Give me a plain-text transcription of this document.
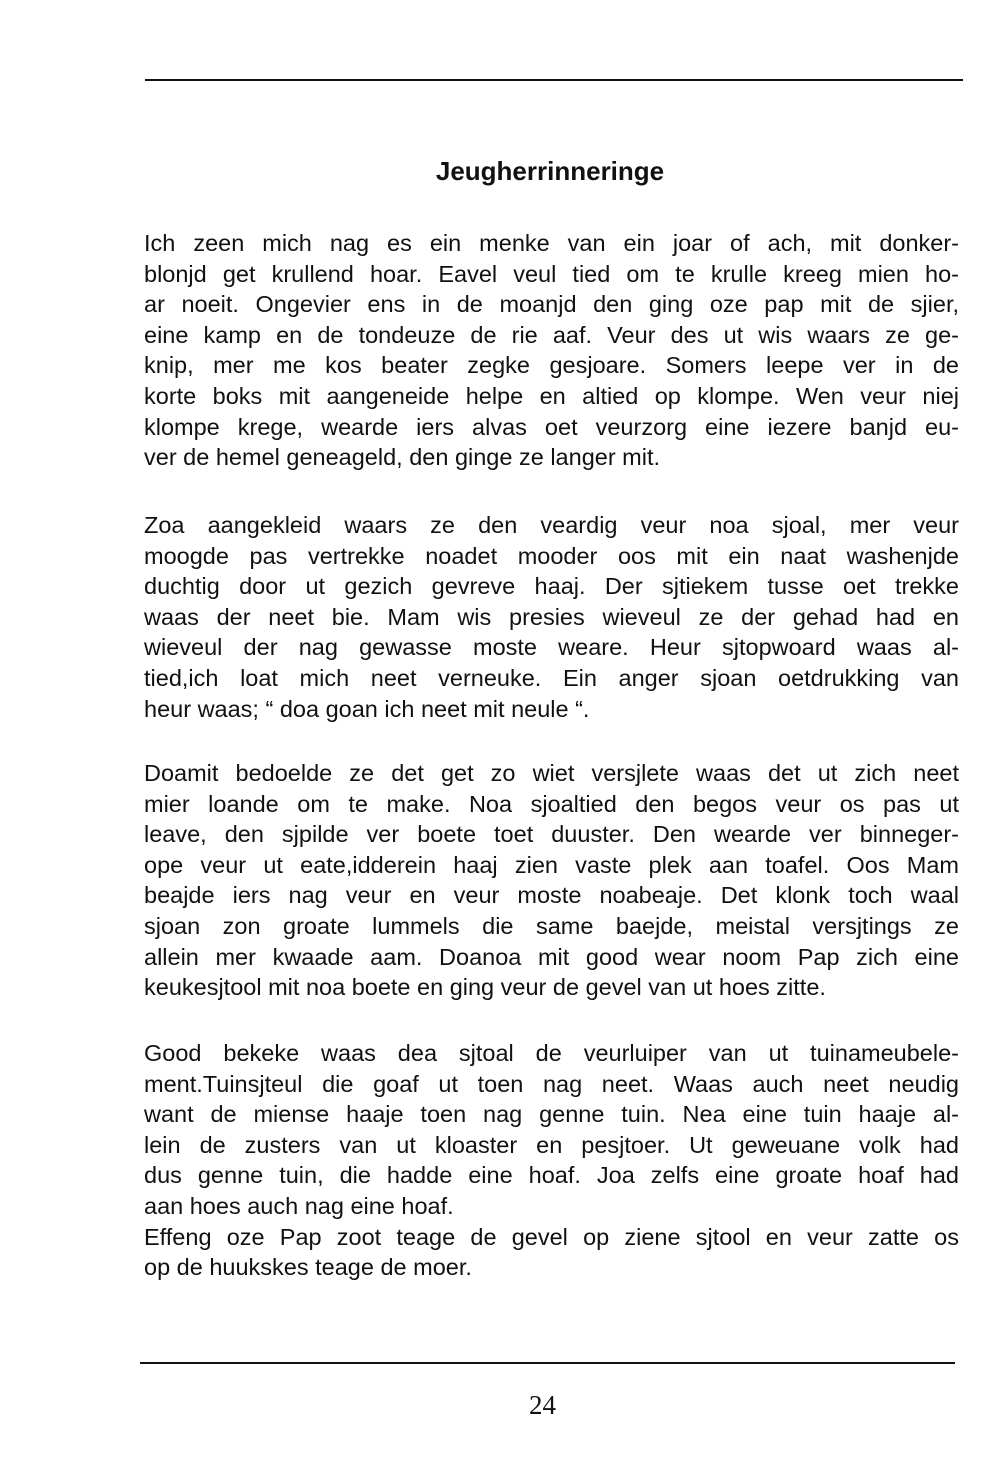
Jeugherrinneringe
Ich zeen mich nag es ein menke van ein joar of ach, mit donker-
blonjd get krullend hoar. Eavel veul tied om te krulle kreeg mien ho-
ar noeit. Ongevier ens in de moanjd den ging oze pap mit de sjier,
eine kamp en de tondeuze de rie aaf. Veur des ut wis waars ze ge-
knip, mer me kos beater zegke gesjoare. Somers leepe ver in de
korte boks mit aangeneide helpe en altied op klompe. Wen veur niej
klompe krege, wearde iers alvas oet veurzorg eine iezere banjd eu-
ver de hemel geneageld, den ginge ze langer mit.
Zoa aangekleid waars ze den veardig veur noa sjoal, mer veur
moogde pas vertrekke noadet mooder oos mit ein naat washenjde
duchtig door ut gezich gevreve haaj. Der sjtiekem tusse oet trekke
waas der neet bie. Mam wis presies wieveul ze der gehad had en
wieveul der nag gewasse moste weare. Heur sjtopwoard waas al-
tied,ich loat mich neet verneuke. Ein anger sjoan oetdrukking van
heur waas; “ doa goan ich neet mit neule “.
Doamit bedoelde ze det get zo wiet versjlete waas det ut zich neet
mier loande om te make. Noa sjoaltied den begos veur os pas ut
leave, den sjpilde ver boete toet duuster. Den wearde ver binneger-
ope veur ut eate,idderein haaj zien vaste plek aan toafel. Oos Mam
beajde iers nag veur en veur moste noabeaje. Det klonk toch waal
sjoan zon groate lummels die same baejde, meistal versjtings ze
allein mer kwaade aam. Doanoa mit good wear noom Pap zich eine
keukesjtool mit noa boete en ging veur de gevel van ut hoes zitte.
Good bekeke waas dea sjtoal de veurluiper van ut tuinameubele-
ment.Tuinsjteul die goaf ut toen nag neet. Waas auch neet neudig
want de miense haaje toen nag genne tuin. Nea eine tuin haaje al-
lein de zusters van ut kloaster en pesjtoer. Ut geweuane volk had
dus genne tuin, die hadde eine hoaf. Joa zelfs eine groate hoaf had
aan hoes auch nag eine hoaf.
Effeng oze Pap zoot teage de gevel op ziene sjtool en veur zatte os
op de huukskes teage de moer.
24
